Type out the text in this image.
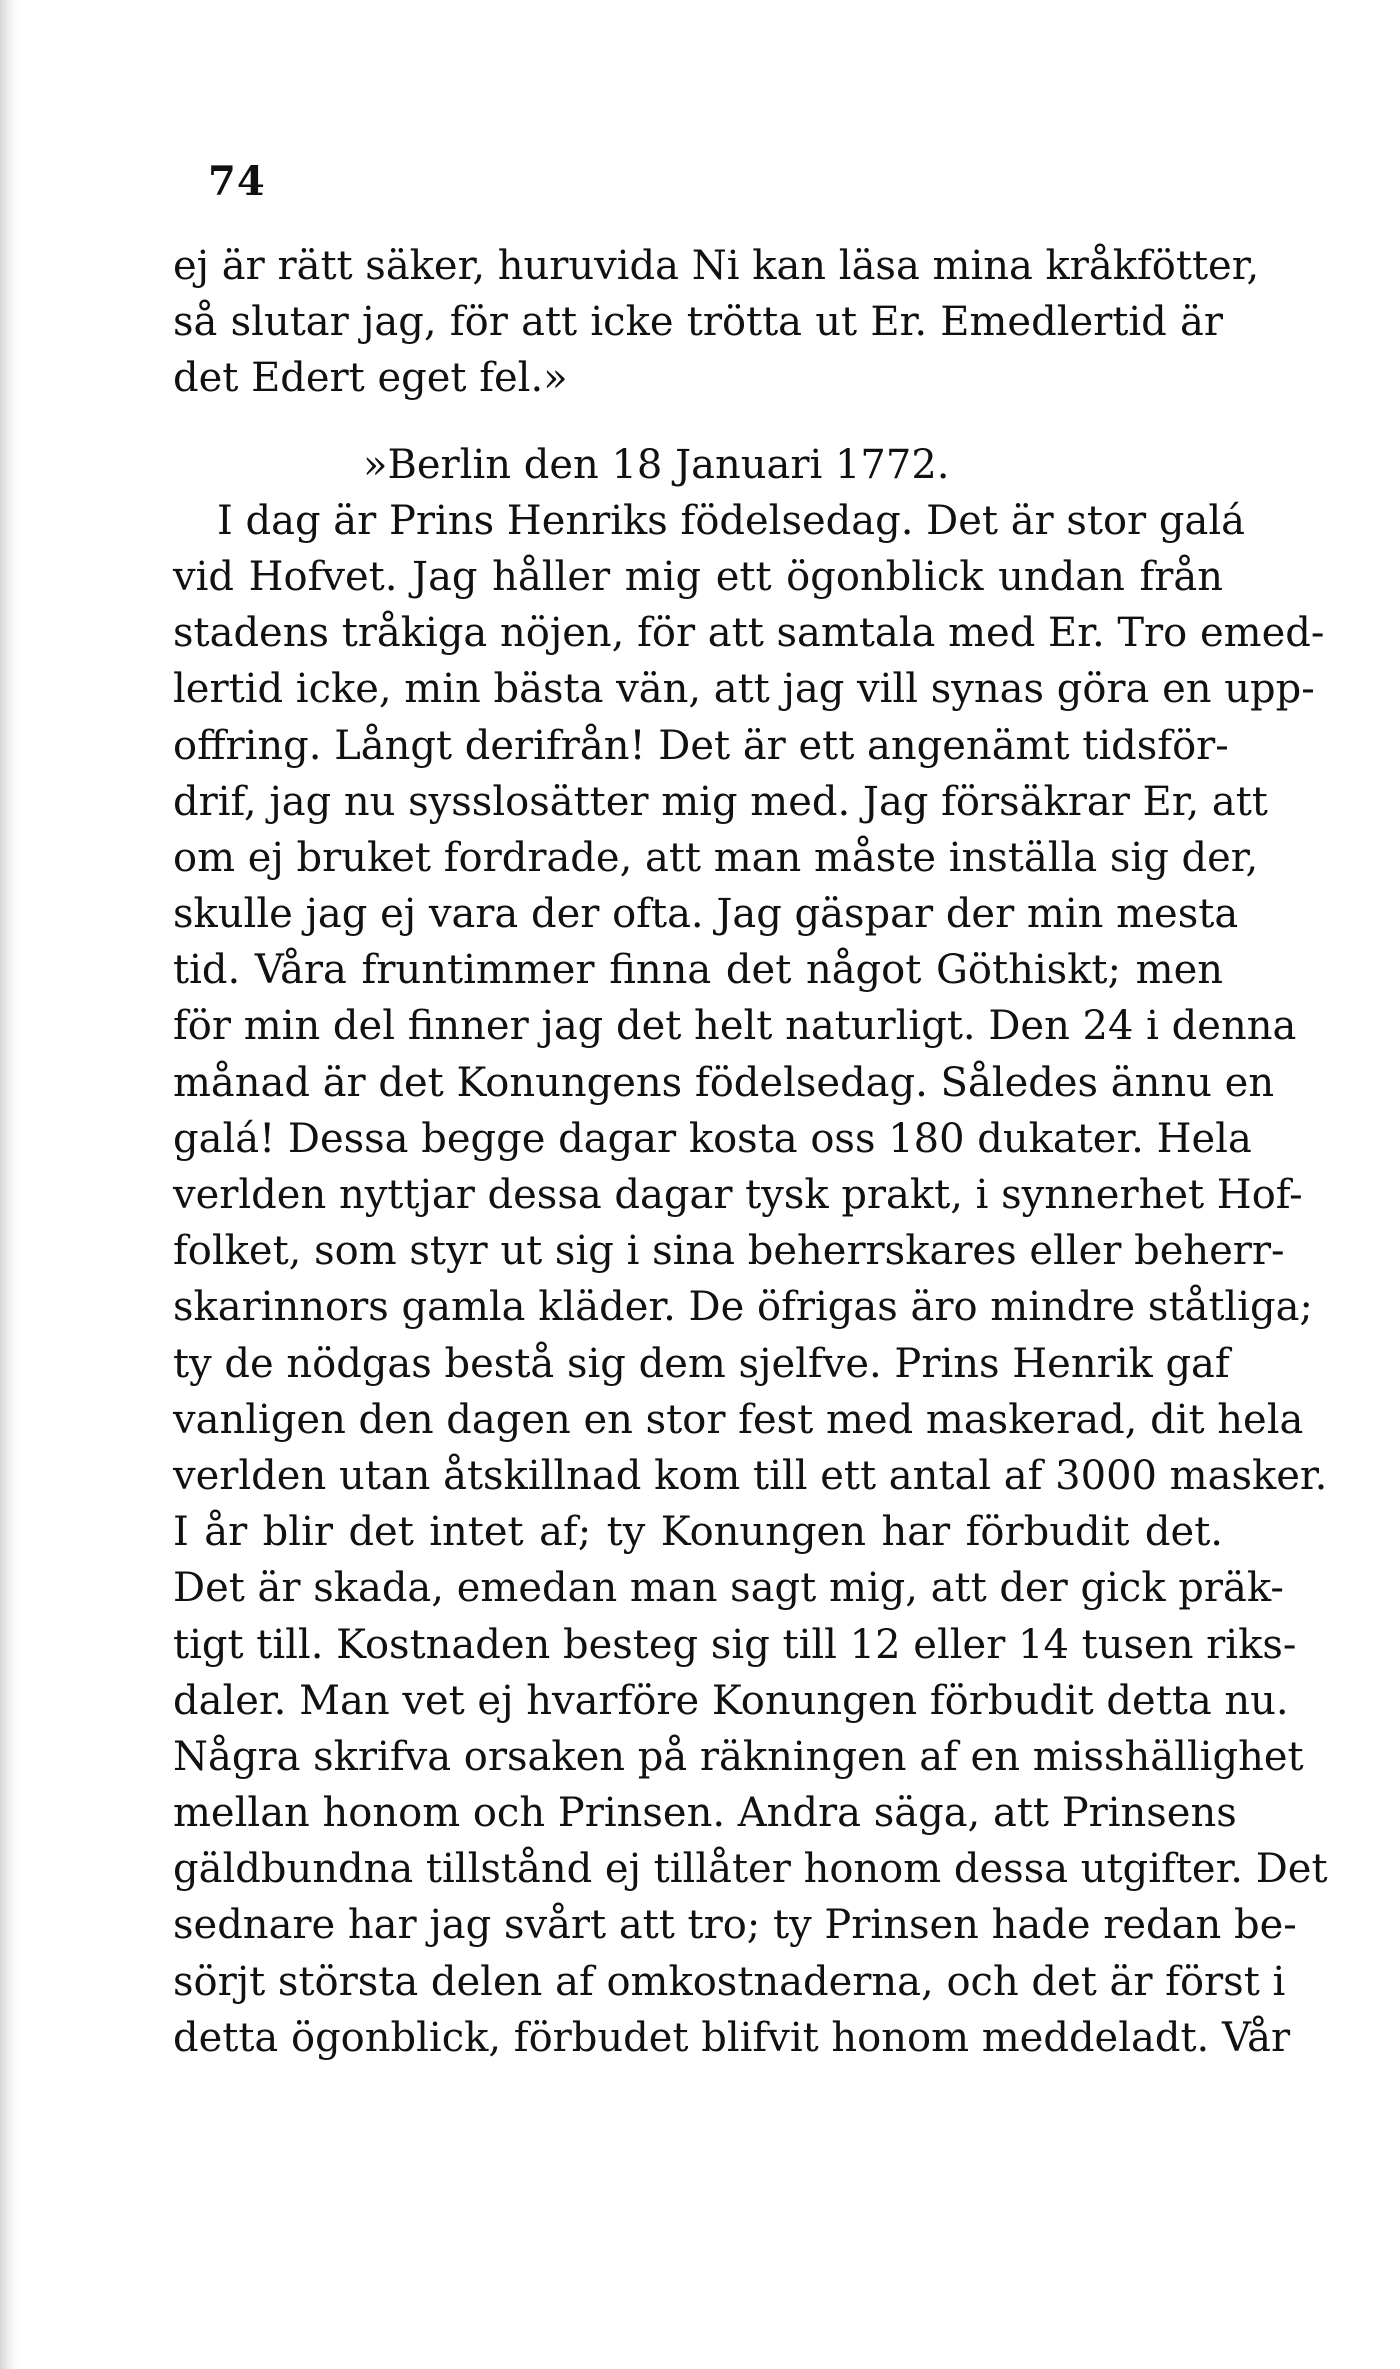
74
ej är rätt säker, huruvida Ni kan läsa mina kråkfötter,
så slutar jag, för att icke trötta ut Er. Emedlertid är
det Edert eget fel.»
»Berlin den 18 Januari 1772.
I dag är Prins Henriks födelsedag. Det är stor galá
vid Hofvet. Jag håller mig ett ögonblick undan från
stadens tråkiga nöjen, för att samtala med Er. Tro emed-
lertid icke, min bästa vän, att jag vill synas göra en upp-
offring. Långt derifrån! Det är ett angenämt tidsför-
drif, jag nu sysslosätter mig med. Jag försäkrar Er, att
om ej bruket fordrade, att man måste inställa sig der,
skulle jag ej vara der ofta. Jag gäspar der min mesta
tid. Våra fruntimmer finna det något Göthiskt; men
för min del finner jag det helt naturligt. Den 24 i denna
månad är det Konungens födelsedag. Således ännu en
galá! Dessa begge dagar kosta oss 180 dukater. Hela
verlden nyttjar dessa dagar tysk prakt, i synnerhet Hof-
folket, som styr ut sig i sina beherrskares eller beherr-
skarinnors gamla kläder. De öfrigas äro mindre ståtliga;
ty de nödgas bestå sig dem sjelfve. Prins Henrik gaf
vanligen den dagen en stor fest med maskerad, dit hela
verlden utan åtskillnad kom till ett antal af 3000 masker.
I år blir det intet af; ty Konungen har förbudit det.
Det är skada, emedan man sagt mig, att der gick präk-
tigt till. Kostnaden besteg sig till 12 eller 14 tusen riks-
daler. Man vet ej hvarföre Konungen förbudit detta nu.
Några skrifva orsaken på räkningen af en misshällighet
mellan honom och Prinsen. Andra säga, att Prinsens
gäldbundna tillstånd ej tillåter honom dessa utgifter. Det
sednare har jag svårt att tro; ty Prinsen hade redan be-
sörjt största delen af omkostnaderna, och det är först i
detta ögonblick, förbudet blifvit honom meddeladt. Vår
